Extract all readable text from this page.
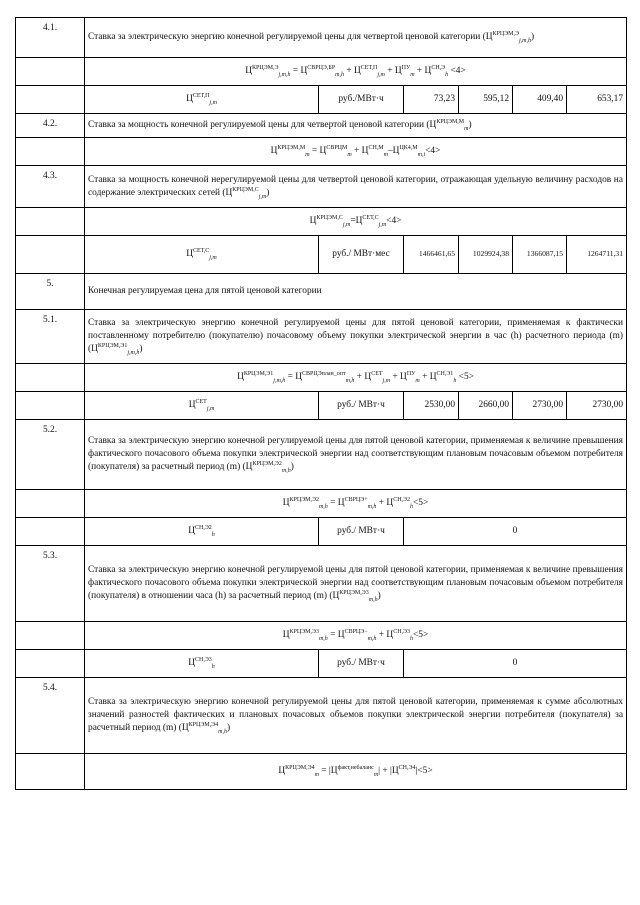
4.1.	Ставка за электрическую энергию конечной регулируемой цены для четвертой ценовой категории $(Ц^{КРЦЭМ,Э}_{j,m,h})$					
	$Ц^{КРЦЭМ,Э}_{j,m,h} = Ц^{СВРЦЭ,БР}_{m,h} + Ц^{СЕТ,П}_{j,m} + Ц^{ПУ}_m + Ц^{СН,Э}_h <4>$					
	$Ц^{СЕТ,П}_{j,m}$	руб./МВт·ч	73,23	595,12	409,40	653,17
4.2.	Ставка за мощность конечной регулируемой цены для четвертой ценовой категории $(Ц^{КРЦЭМ,М}_m)$					
	$Ц^{КРЦЭМ,М}_m = Ц^{СВРЦМ}_m + Ц^{СН,М}_m-Ц^{ЦК4,М}_{m,i}<4>$					
4.3.	Ставка за мощность конечной нерегулируемой цены для четвертой ценовой категории, отражающая удельную величину расходов на содержание электрических сетей $(Ц^{КРЦЭМ,С}_{j,m})$					
	$Ц^{КРЦЭМ,С}_{j,m}=Ц^{СЕТ,С}_{j,m}<4>$					
	$Ц^{СЕТ,С}_{j,m}$	руб./ МВт·мес	1466461,65	1029924,38	1366087,15	1264711,31
5.	Конечная регулируемая цена для пятой ценовой категории					
5.1.	Ставка за электрическую энергию конечной регулируемой цены для пятой ценовой категории, применяемая к фактически поставленному потребителю (покупателю) почасовому объему покупки электрической энергии в час (h) расчетного периода (m) $(Ц^{КРЦЭМ,Э1}_{j,m,h})$					
	$Ц^{КРЦЭМ,Э1}_{j,m,h} = Ц^{СВРЦЭплан\_опт}_{m,h} + Ц^{СЕТ}_{j,m} + Ц^{ПУ}_m + Ц^{СН,Э1}_h <5>$					
	$Ц^{СЕТ}_{j,m}$	руб./ МВт·ч	2530,00	2660,00	2730,00	2730,00
5.2.	Ставка за электрическую энергию конечной регулируемой цены для пятой ценовой категории, применяемая к величине превышения фактического почасового объема покупки электрической энергии над соответствующим плановым почасовым объемом потребителя (покупателя) за расчетный период (m) $(Ц^{КРЦЭМ,Э2}_{m,h})$					
	$Ц^{КРЦЭМ,Э2}_{m,h} = Ц^{СВРЦЭ+}_{m,h} + Ц^{СН,Э2}_h<5>$					
	$Ц^{СН,Э2}_h$	руб./ МВт·ч	0			
5.3.	Ставка за электрическую энергию конечной регулируемой цены для пятой ценовой категории, применяемая к величине превышения фактического почасового объема покупки электрической энергии над соответствующим плановым почасовым объемом потребителя (покупателя) в отношении часа (h) за расчетный период (m) $(Ц^{КРЦЭМ,Э3}_{m,h})$					
	$Ц^{КРЦЭМ,Э3}_{m,h} = Ц^{СВРЦЭ-}_{m,h} + Ц^{СН,Э3}_h<5>$					
	$Ц^{СН,Э3}_h$	руб./ МВт·ч	0			
5.4.	Ставка за электрическую энергию конечной регулируемой цены для пятой ценовой категории, применяемая к сумме абсолютных значений разностей фактических и плановых почасовых объемов покупки электрической энергии потребителя (покупателя) за расчетный период (m) $(Ц^{КРЦЭМ,Э4}_{m,h})$					
	$Ц^{КРЦЭМ,Э4}_m = |Ц^{факт,небаланс}_m| + |Ц^{СН,Э4}|<5>$					
